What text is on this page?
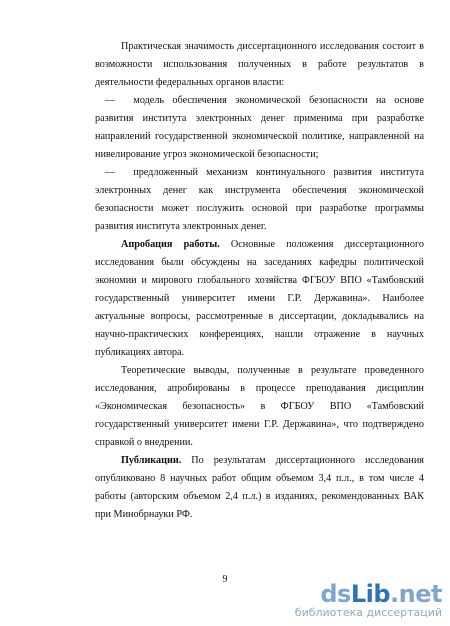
Практическая значимость диссертационного исследования состоит в возможности использования полученных в работе результатов в деятельности федеральных органов власти:

— модель обеспечения экономической безопасности на основе развития института электронных денег применима при разработке направлений государственной экономической политике, направленной на нивелирование угроз экономической безопасности;

— предложенный механизм континуального развития института электронных денег как инструмента обеспечения экономической безопасности может послужить основой при разработке программы развития института электронных денег.

Апробация работы. Основные положения диссертационного исследования были обсуждены на заседаниях кафедры политической экономии и мирового глобального хозяйства ФГБОУ ВПО «Тамбовский государственный университет имени Г.Р. Державина». Наиболее актуальные вопросы, рассмотренные в диссертации, докладывались на научно-практических конференциях, нашли отражение в научных публикациях автора.

Теоретические выводы, полученные в результате проведенного исследования, апробированы в процессе преподавания дисциплин «Экономическая безопасность» в ФГБОУ ВПО «Тамбовский государственный университет имени Г.Р. Державина», что подтверждено справкой о внедрении.

Публикации. По результатам диссертационного исследования опубликовано 8 научных работ общим объемом 3,4 п.л., в том числе 4 работы (авторским объемом 2,4 п.л.) в изданиях, рекомендованных ВАК при Минобрнауки РФ.

9
dsLib.net
библиотека диссертаций
